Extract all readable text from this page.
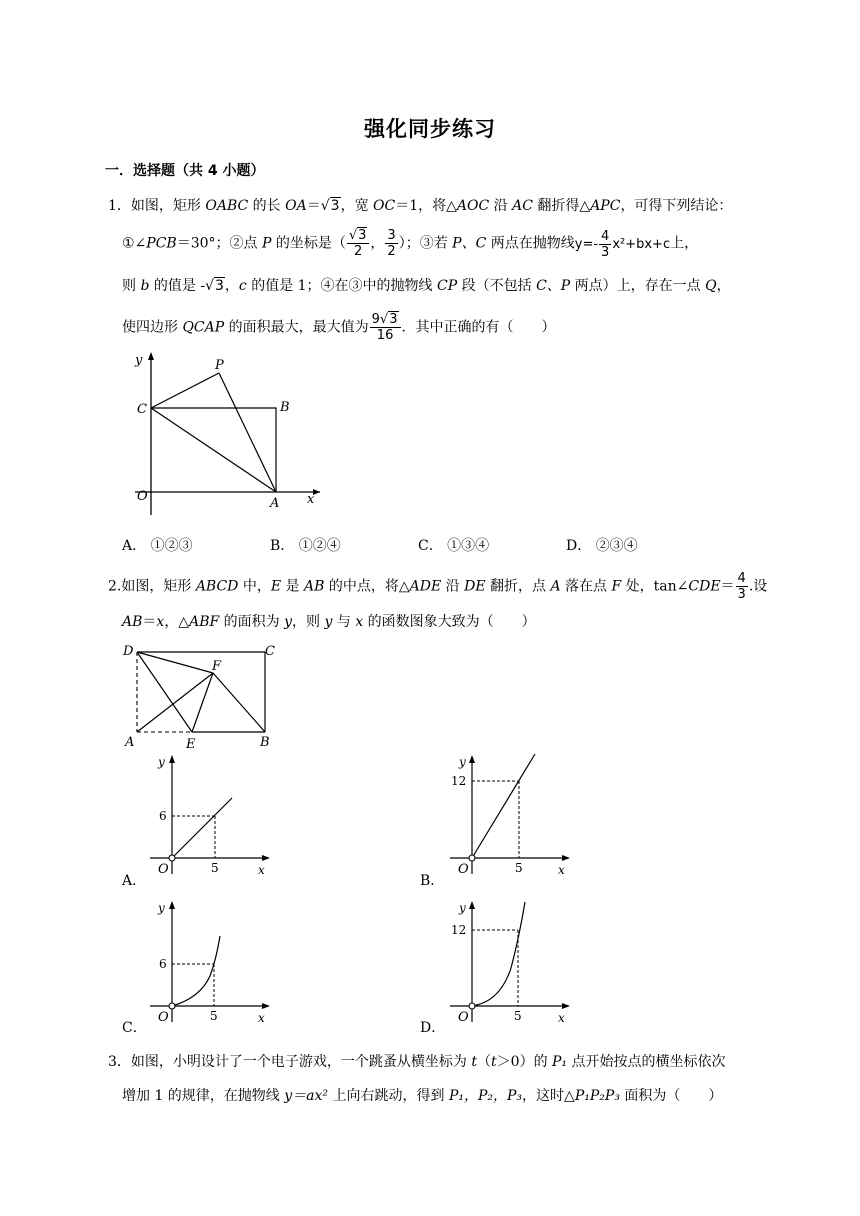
强化同步练习
一．选择题（共 4 小题）
1．如图，矩形 OABC 的长 OA＝√3，宽 OC＝1，将△AOC 沿 AC 翻折得△APC，可得下列结论：
①∠PCB＝30°；②点 P 的坐标是（ $\frac{√3}{2}$ ， $\frac{3}{2}$ ）；③若 P、C 两点在抛物线$y=- \frac{4}{3} x^2+bx+c$上，
则 b 的值是 -√3，c 的值是 1；④在③中的抛物线 CP 段（不包括 C、P 两点）上，存在一点 Q，
使四边形 QCAP 的面积最大，最大值为 $\frac{9√3}{16}$ ．其中正确的有（　　）
y
x
O	A
B
C
P
A． ①②③	B． ①②④	C． ①③④	D． ②③④
2.如图，矩形 ABCD 中，E 是 AB 的中点，将△ADE 沿 DE 翻折，点 A 落在点 F 处，tan∠CDE＝ $\frac{4}{3}$ .设
AB＝x，△ABF 的面积为 y，则 y 与 x 的函数图象大致为（　　）
D	C
F
A	E	B
A．	B．
C．	D．
y
x
O
6
5
y
x
O
12
5
y
x
O
6
5
y
x
O
12
5
3．如图，小明设计了一个电子游戏，一个跳蚤从横坐标为 t（t＞0）的 P₁ 点开始按点的横坐标依次
增加 1 的规律，在抛物线 y＝ax² 上向右跳动，得到 P₁，P₂，P₃，这时△P₁P₂P₃ 面积为（　　）
